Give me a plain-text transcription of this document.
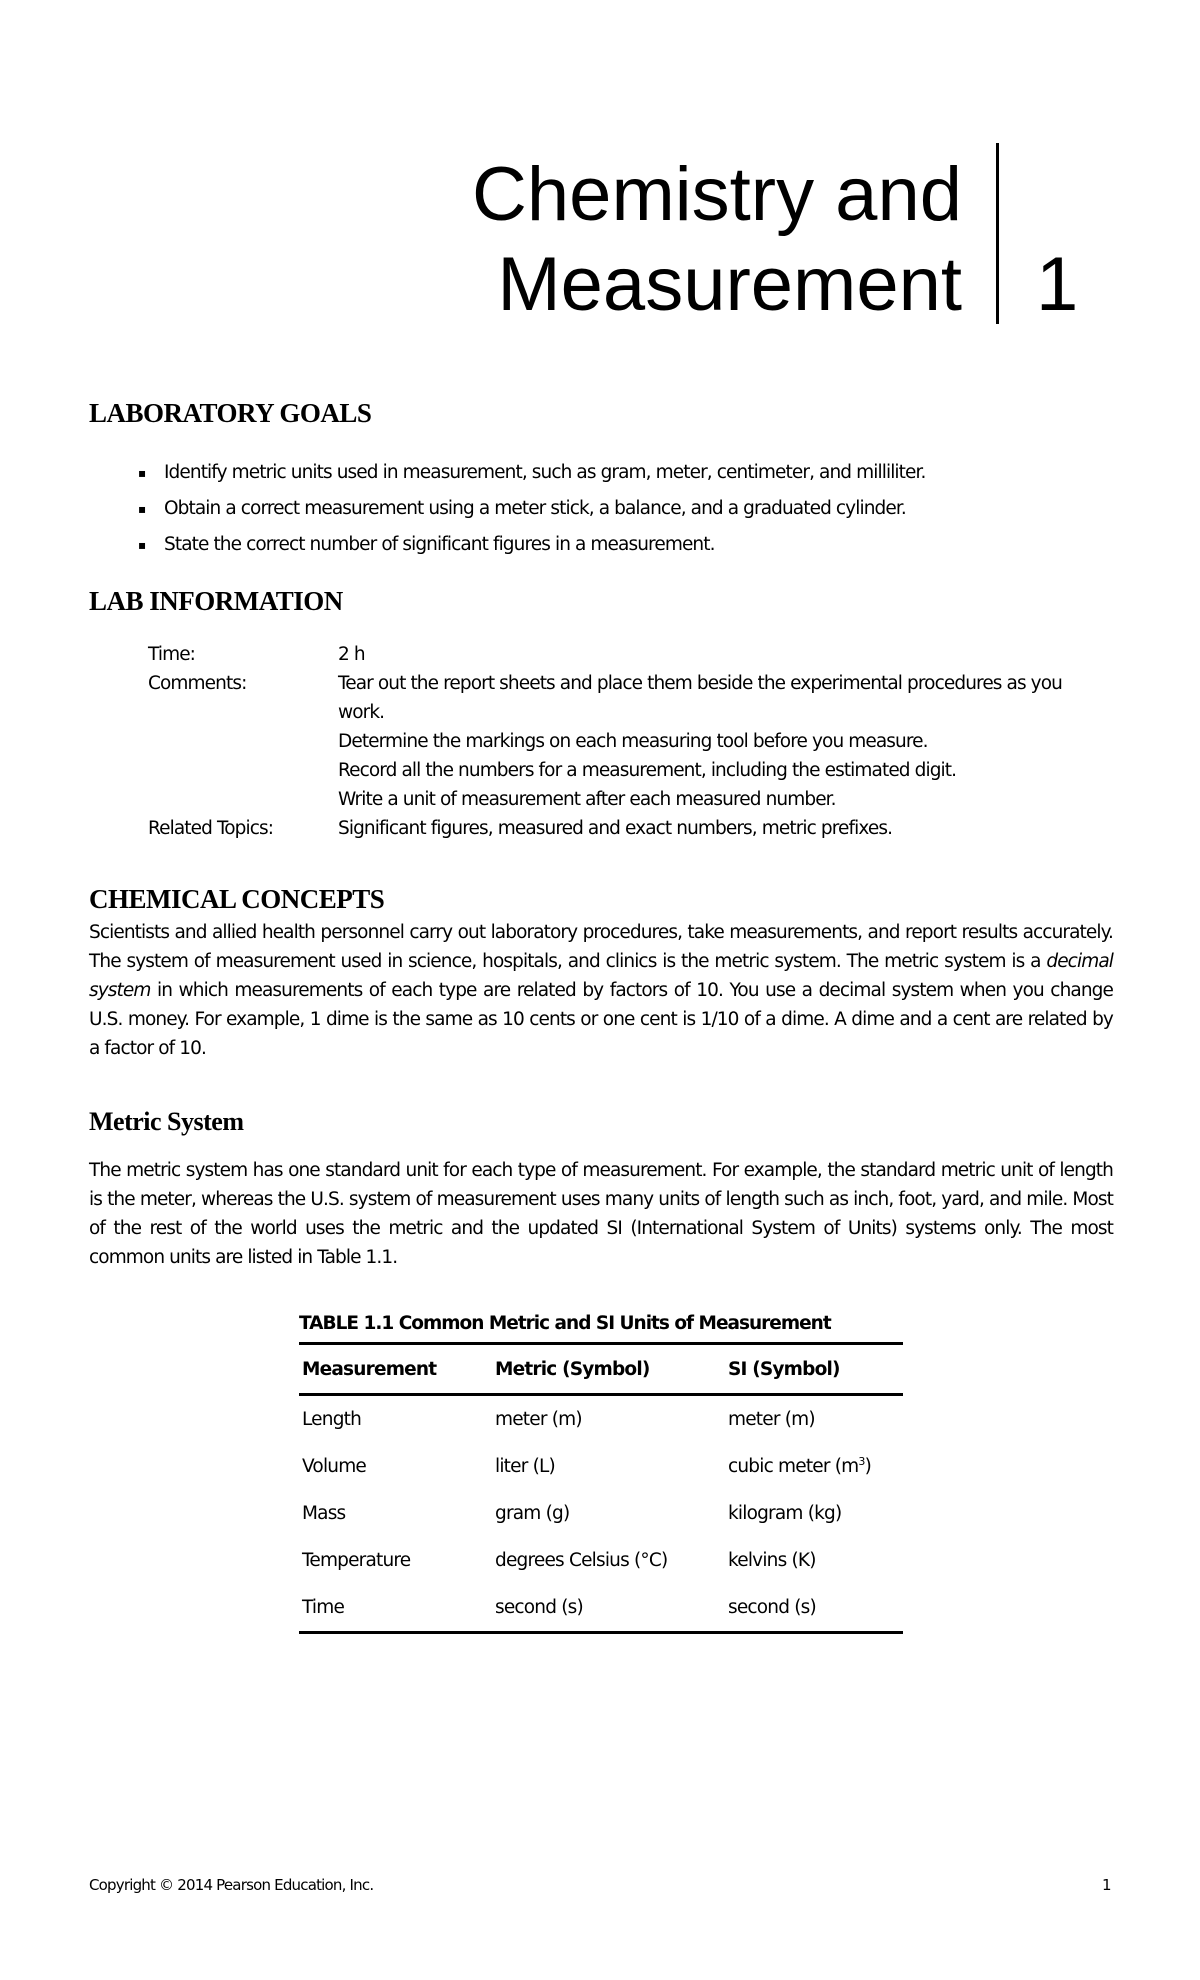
Chemistry and
Measurement 1
LABORATORY GOALS
▪ Identify metric units used in measurement, such as gram, meter, centimeter, and milliliter.
▪ Obtain a correct measurement using a meter stick, a balance, and a graduated cylinder.
▪ State the correct number of significant figures in a measurement.
LAB INFORMATION
Time:	2 h
Comments:	Tear out the report sheets and place them beside the experimental procedures as you work.
Determine the markings on each measuring tool before you measure.
Record all the numbers for a measurement, including the estimated digit.
Write a unit of measurement after each measured number.
Related Topics:	Significant figures, measured and exact numbers, metric prefixes.
CHEMICAL CONCEPTS

Scientists and allied health personnel carry out laboratory procedures, take measurements, and report results accurately. The system of measurement used in science, hospitals, and clinics is the metric system. The metric system is a decimal system in which measurements of each type are related by factors of 10. You use a decimal system when you change U.S. money. For example, 1 dime is the same as 10 cents or one cent is 1/10 of a dime. A dime and a cent are related by a factor of 10.

Metric System

The metric system has one standard unit for each type of measurement. For example, the standard metric unit of length is the meter, whereas the U.S. system of measurement uses many units of length such as inch, foot, yard, and mile. Most of the rest of the world uses the metric and the updated SI (International System of Units) systems only. The most common units are listed in Table 1.1.

TABLE 1.1 Common Metric and SI Units of Measurement
Measurement	Metric (Symbol)	SI (Symbol)
Length	meter (m)	meter (m)
Volume	liter (L)	cubic meter $(m^3)$
Mass	gram (g)	kilogram (kg)
Temperature	degrees Celsius (°C)	kelvins (K)
Time	second (s)	second (s)
Copyright © 2014 Pearson Education, Inc.	1
